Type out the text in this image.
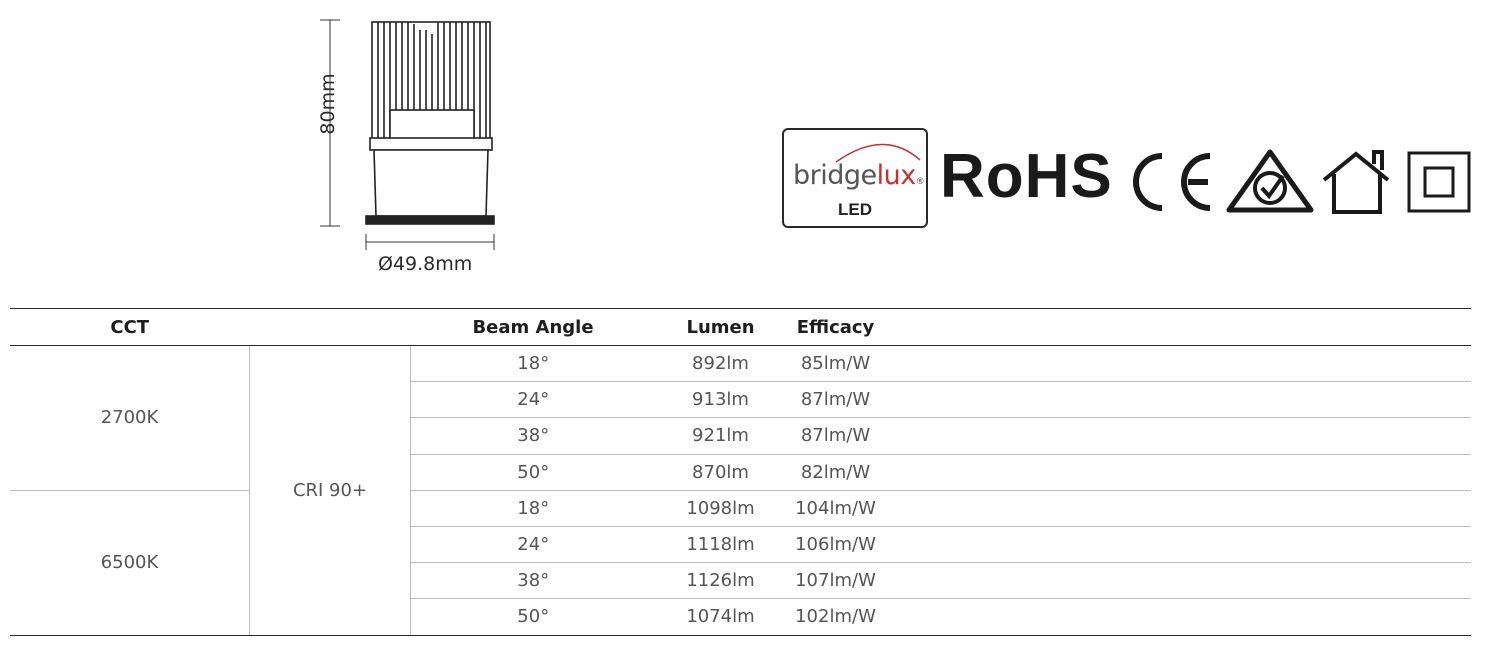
80mm
Ø49.8mm
bridgelux®
LED	RoHS
CCT		Beam Angle	Lumen	Efficacy	
2700K	CRI 90+	18°	892lm	85lm/W	
		24°	913lm	87lm/W	
		38°	921lm	87lm/W	
		50°	870lm	82lm/W	
6500K		18°	1098lm	104lm/W	
		24°	1118lm	106lm/W	
		38°	1126lm	107lm/W	
		50°	1074lm	102lm/W	
